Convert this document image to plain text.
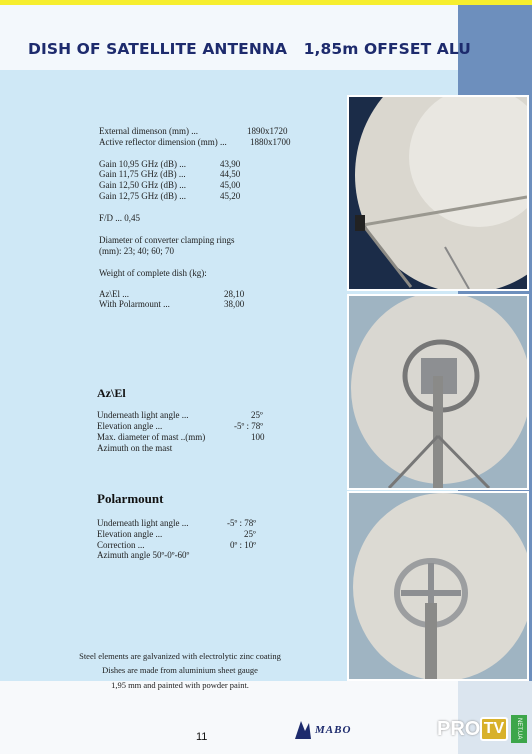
DISH OF SATELLITE ANTENNA   1,85m OFFSET ALU
External dimenson (mm) ...	1890x1720
Active reflector dimension (mm) ...	1880x1700
Gain 10,95 GHz (dB) ...	43,90
Gain 11,75 GHz (dB) ...	44,50
Gain 12,50 GHz (dB) ...	45,00
Gain 12,75 GHz (dB) ...	45,20
F/D ... 0,45
Diameter of converter clamping rings
(mm): 23; 40; 60; 70
Weight of complete dish (kg):
Az\El ...	28,10
With Polarmount ...	38,00
Az\El
Underneath light angle ...	25º
Elevation angle ...	-5º : 78º
Max. diameter of mast ..(mm)	100
Azimuth on the mast
Polarmount
Underneath light angle ...	-5º : 78º
Elevation angle ...	25º
Correction ...	0º : 10º
Azimuth angle 50º-0º-60º

Steel elements are galvanized with electrolytic zinc coating

Dishes are made from aluminium sheet gauge

1,95 mm and painted with powder paint.

11
MABO	PRO TV	NET.UA
